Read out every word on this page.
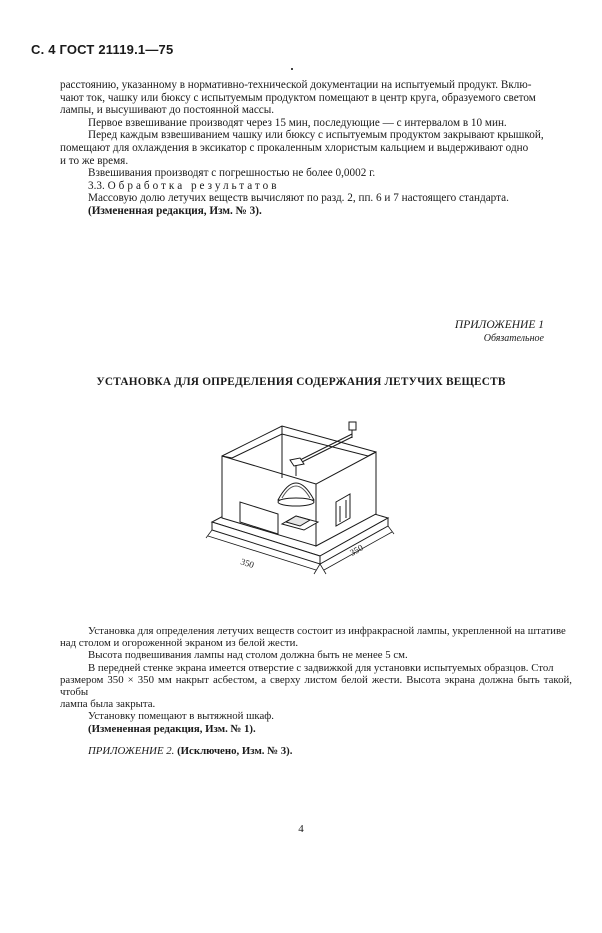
С. 4 ГОСТ 21119.1—75

расстоянию, указанному в нормативно-технической документации на испытуемый продукт. Вклю-

чают ток, чашку или бюксу с испытуемым продуктом помещают в центр круга, образуемого светом

лампы, и высушивают до постоянной массы.

Первое взвешивание производят через 15 мин, последующие — с интервалом в 10 мин.

Перед каждым взвешиванием чашку или бюксу с испытуемым продуктом закрывают крышкой,

помещают для охлаждения в эксикатор с прокаленным хлористым кальцием и выдерживают одно

и то же время.

Взвешивания производят с погрешностью не более 0,0002 г.

3.3. Обработка результатов

Массовую долю летучих веществ вычисляют по разд. 2, пп. 6 и 7 настоящего стандарта.

(Измененная редакция, Изм. № 3).

ПРИЛОЖЕНИЕ 1
Обязательное
УСТАНОВКА ДЛЯ ОПРЕДЕЛЕНИЯ СОДЕРЖАНИЯ ЛЕТУЧИХ ВЕЩЕСТВ
350
350

Установка для определения летучих веществ состоит из инфракрасной лампы, укрепленной на штативе

над столом и огороженной экраном из белой жести.

Высота подвешивания лампы над столом должна быть не менее 5 см.

В передней стенке экрана имеется отверстие с задвижкой для установки испытуемых образцов. Стол

размером 350 × 350 мм накрыт асбестом, а сверху листом белой жести. Высота экрана должна быть такой, чтобы

лампа была закрыта.

Установку помещают в вытяжной шкаф.

(Измененная редакция, Изм. № 1).

ПРИЛОЖЕНИЕ 2. (Исключено, Изм. № 3).

4
